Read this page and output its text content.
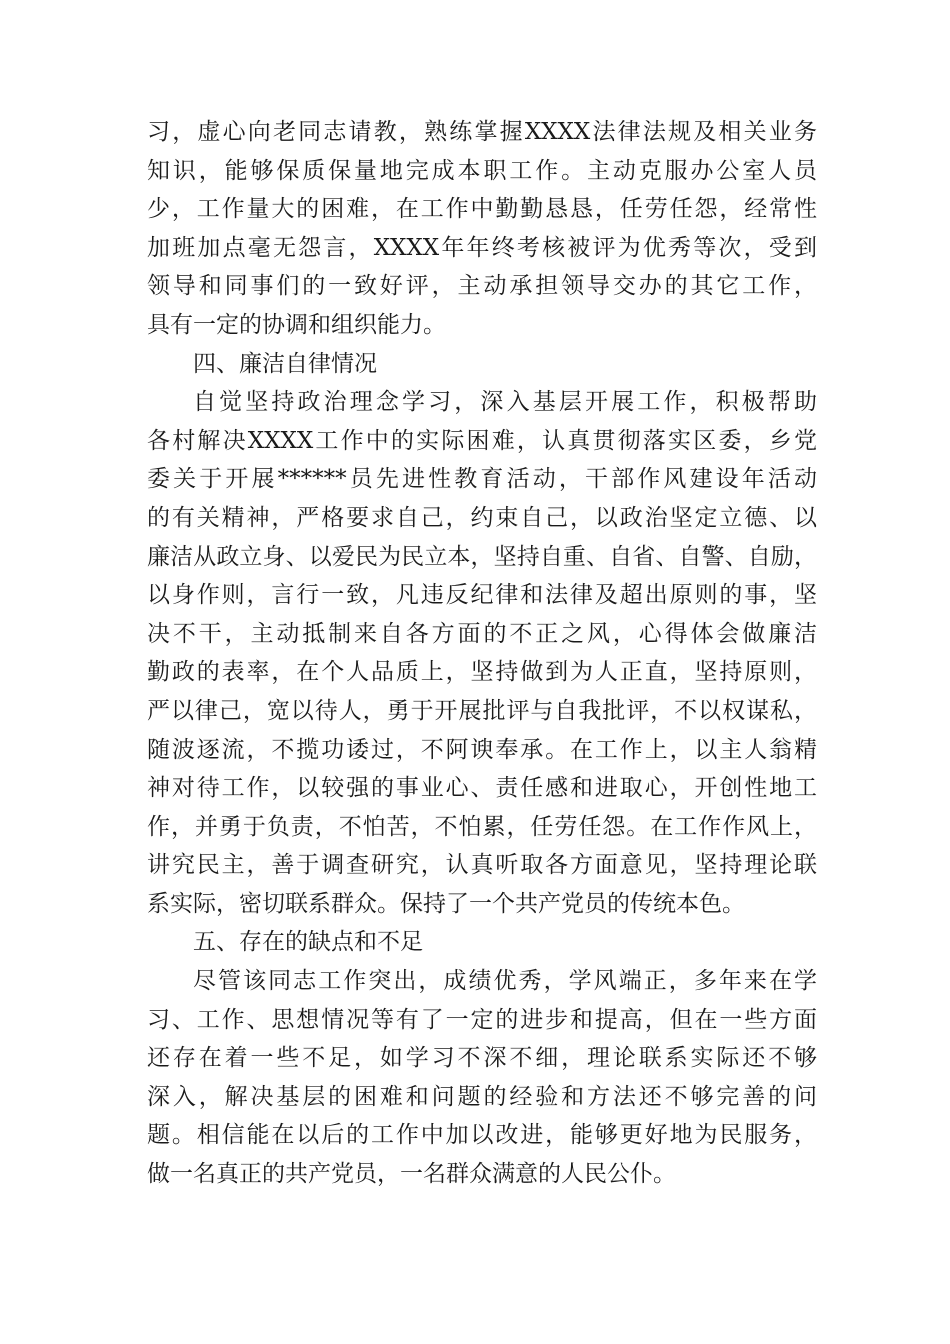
习，虚心向老同志请教，熟练掌握XXXX法律法规及相关业务
知识，能够保质保量地完成本职工作。主动克服办公室人员
少，工作量大的困难，在工作中勤勤恳恳，任劳任怨，经常性
加班加点毫无怨言，XXXX年年终考核被评为优秀等次，受到
领导和同事们的一致好评，主动承担领导交办的其它工作，
具有一定的协调和组织能力。
四、廉洁自律情况
自觉坚持政治理念学习，深入基层开展工作，积极帮助
各村解决XXXX工作中的实际困难，认真贯彻落实区委，乡党
委关于开展******员先进性教育活动，干部作风建设年活动
的有关精神，严格要求自己，约束自己，以政治坚定立德、以
廉洁从政立身、以爱民为民立本，坚持自重、自省、自警、自励，
以身作则，言行一致，凡违反纪律和法律及超出原则的事，坚
决不干，主动抵制来自各方面的不正之风，心得体会做廉洁
勤政的表率，在个人品质上，坚持做到为人正直，坚持原则，
严以律己，宽以待人，勇于开展批评与自我批评，不以权谋私，
随波逐流，不揽功诿过，不阿谀奉承。在工作上，以主人翁精
神对待工作，以较强的事业心、责任感和进取心，开创性地工
作，并勇于负责，不怕苦，不怕累，任劳任怨。在工作作风上，
讲究民主，善于调查研究，认真听取各方面意见，坚持理论联
系实际，密切联系群众。保持了一个共产党员的传统本色。
五、存在的缺点和不足
尽管该同志工作突出，成绩优秀，学风端正，多年来在学
习、工作、思想情况等有了一定的进步和提高，但在一些方面
还存在着一些不足，如学习不深不细，理论联系实际还不够
深入，解决基层的困难和问题的经验和方法还不够完善的问
题。相信能在以后的工作中加以改进，能够更好地为民服务，
做一名真正的共产党员，一名群众满意的人民公仆。
